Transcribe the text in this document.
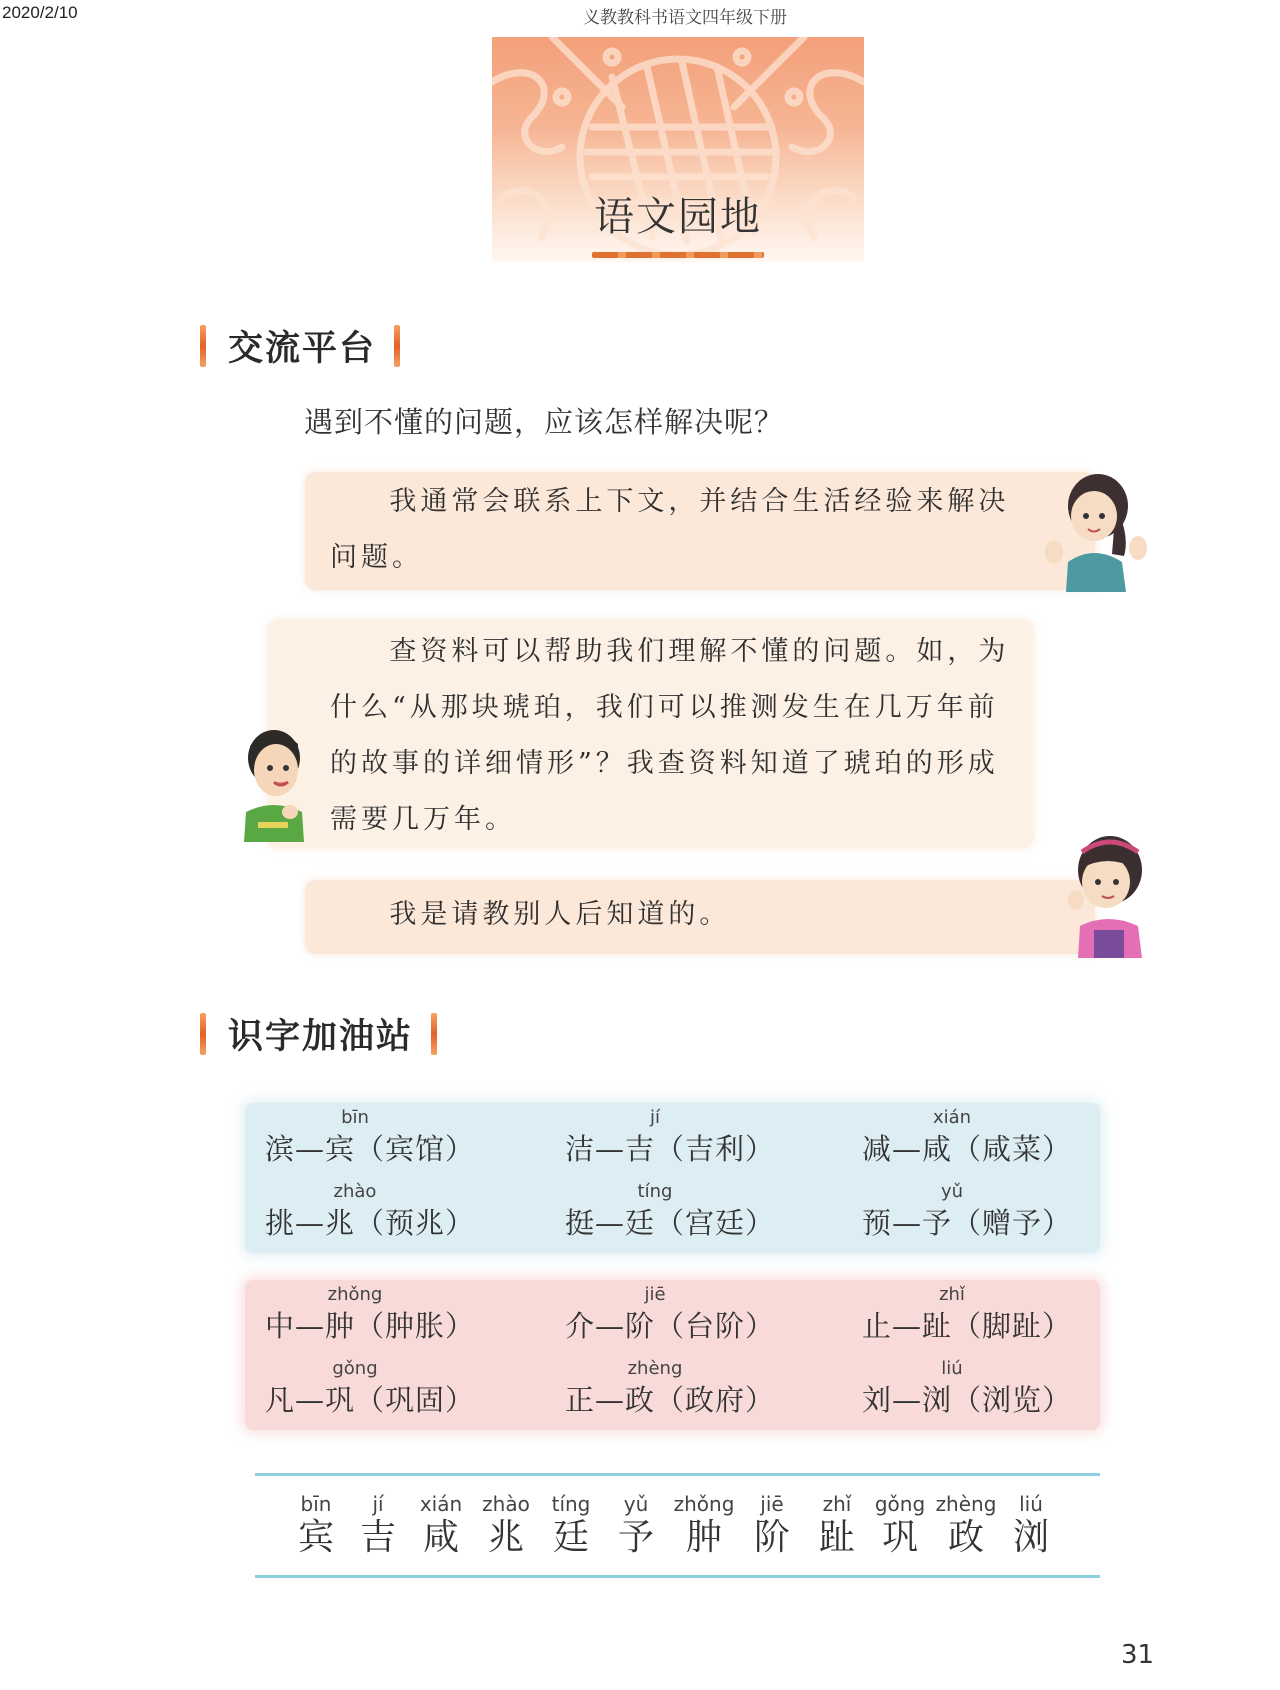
2020/2/10	义教教科书语文四年级下册
语文园地
交流平台
遇到不懂的问题，应该怎样解决呢？
我通常会联系上下文，并结合生活经验来解决问题。
查资料可以帮助我们理解不懂的问题。如，为什么“从那块琥珀，我们可以推测发生在几万年前的故事的详细情形”？我查资料知道了琥珀的形成需要几万年。
我是请教别人后知道的。
识字加油站
bīn
滨—宾（宾馆）
jí
洁—吉（吉利）
xián
减—咸（咸菜）
zhào
挑—兆（预兆）
tíng
挺—廷（宫廷）
yǔ
预—予（赠予）
zhǒng
中—肿（肿胀）
jiē
介—阶（台阶）
zhǐ
止—趾（脚趾）
gǒng
凡—巩（巩固）
zhèng
正—政（政府）
liú
刘—浏（浏览）
bīn
宾
jí
吉
xián
咸
zhào
兆
tíng
廷
yǔ
予
zhǒng
肿
jiē
阶
zhǐ
趾
gǒng
巩
zhèng
政
liú
浏
31
